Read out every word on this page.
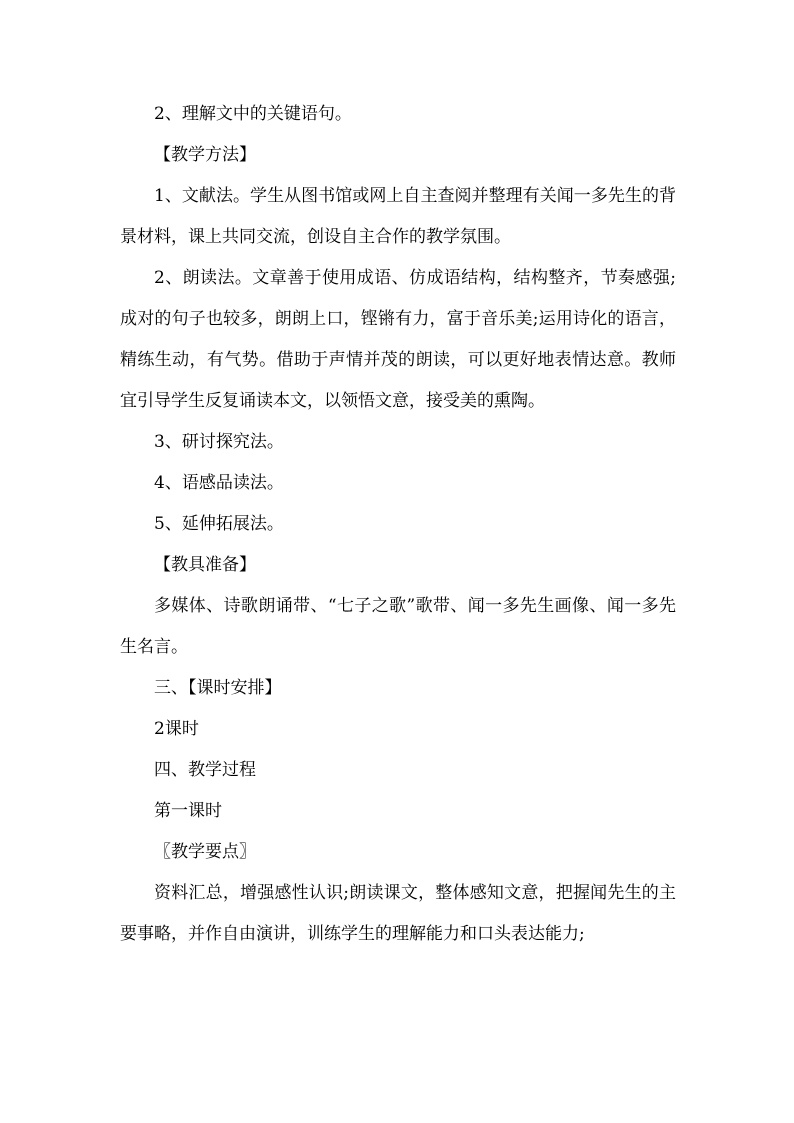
2、理解文中的关键语句。

【教学方法】

1、文献法。学生从图书馆或网上自主查阅并整理有关闻一多先生的背景材料，课上共同交流，创设自主合作的教学氛围。

2、朗读法。文章善于使用成语、仿成语结构，结构整齐，节奏感强;成对的句子也较多，朗朗上口，铿锵有力，富于音乐美;运用诗化的语言，精练生动，有气势。借助于声情并茂的朗读，可以更好地表情达意。教师宜引导学生反复诵读本文，以领悟文意，接受美的熏陶。

3、研讨探究法。

4、语感品读法。

5、延伸拓展法。

【教具准备】

多媒体、诗歌朗诵带、“七子之歌”歌带、闻一多先生画像、闻一多先生名言。

三、【课时安排】

2课时

四、教学过程

第一课时

〖教学要点〗

资料汇总，增强感性认识;朗读课文，整体感知文意，把握闻先生的主要事略，并作自由演讲，训练学生的理解能力和口头表达能力;
